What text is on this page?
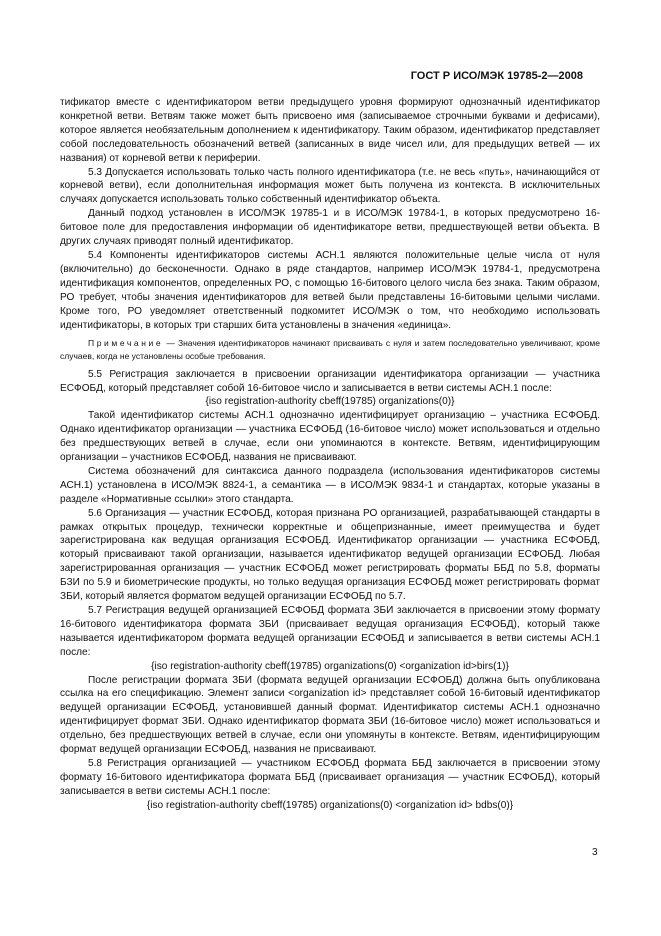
ГОСТ Р ИСО/МЭК 19785-2—2008

тификатор вместе с идентификатором ветви предыдущего уровня формируют однозначный идентификатор конкретной ветви. Ветвям также может быть присвоено имя (записываемое строчными буквами и дефисами), которое является необязательным дополнением к идентификатору. Таким образом, идентификатор представляет собой последовательность обозначений ветвей (записанных в виде чисел или, для предыдущих ветвей — их названия) от корневой ветви к периферии.

5.3 Допускается использовать только часть полного идентификатора (т.е. не весь «путь», начинающийся от корневой ветви), если дополнительная информация может быть получена из контекста. В исключительных случаях допускается использовать только собственный идентификатор объекта.

Данный подход установлен в ИСО/МЭК 19785-1 и в ИСО/МЭК 19784-1, в которых предусмотрено 16-битовое поле для предоставления информации об идентификаторе ветви, предшествующей ветви объекта. В других случаях приводят полный идентификатор.

5.4 Компоненты идентификаторов системы АСН.1 являются положительные целые числа от нуля (включительно) до бесконечности. Однако в ряде стандартов, например ИСО/МЭК 19784-1, предусмотрена идентификация компонентов, определенных РО, с помощью 16-битового целого числа без знака. Таким образом, РО требует, чтобы значения идентификаторов для ветвей были представлены 16-битовыми целыми числами. Кроме того, РО уведомляет ответственный подкомитет ИСО/МЭК о том, что необходимо использовать идентификаторы, в которых три старших бита установлены в значения «единица».

Примечание — Значения идентификаторов начинают присваивать с нуля и затем последовательно увеличивают, кроме случаев, когда не установлены особые требования.

5.5 Регистрация заключается в присвоении организации идентификатора организации — участника ЕСФОБД, который представляет собой 16-битовое число и записывается в ветви системы АСН.1 после:

{iso registration-authority cbeff(19785) organizations(0)}

Такой идентификатор системы АСН.1 однозначно идентифицирует организацию – участника ЕСФОБД. Однако идентификатор организации — участника ЕСФОБД (16-битовое число) может использоваться и отдельно без предшествующих ветвей в случае, если они упоминаются в контексте. Ветвям, идентифицирующим организации – участников ЕСФОБД, названия не присваивают.

Система обозначений для синтаксиса данного подраздела (использования идентификаторов системы АСН.1) установлена в ИСО/МЭК 8824-1, а семантика — в ИСО/МЭК 9834-1 и стандартах, которые указаны в разделе «Нормативные ссылки» этого стандарта.

5.6 Организация — участник ЕСФОБД, которая признана РО организацией, разрабатывающей стандарты в рамках открытых процедур, технически корректные и общепризнанные, имеет преимущества и будет зарегистрирована как ведущая организация ЕСФОБД. Идентификатор организации — участника ЕСФОБД, который присваивают такой организации, называется идентификатор ведущей организации ЕСФОБД. Любая зарегистрированная организация — участник ЕСФОБД может регистрировать форматы ББД по 5.8, форматы БЗИ по 5.9 и биометрические продукты, но только ведущая организация ЕСФОБД может регистрировать формат ЗБИ, который является форматом ведущей организации ЕСФОБД по 5.7.

5.7 Регистрация ведущей организацией ЕСФОБД формата ЗБИ заключается в присвоении этому формату 16-битового идентификатора формата ЗБИ (присваивает ведущая организация ЕСФОБД), который также называется идентификатором формата ведущей организации ЕСФОБД и записывается в ветви системы АСН.1 после:

{iso registration-authority cbeff(19785) organizations(0) <organization id>birs(1)}

После регистрации формата ЗБИ (формата ведущей организации ЕСФОБД) должна быть опубликована ссылка на его спецификацию. Элемент записи <organization id> представляет собой 16-битовый идентификатор ведущей организации ЕСФОБД, установившей данный формат. Идентификатор системы АСН.1 однозначно идентифицирует формат ЗБИ. Однако идентификатор формата ЗБИ (16-битовое число) может использоваться и отдельно, без предшествующих ветвей в случае, если они упомянуты в контексте. Ветвям, идентифицирующим формат ведущей организации ЕСФОБД, названия не присваивают.

5.8 Регистрация организацией — участником ЕСФОБД формата ББД заключается в присвоении этому формату 16-битового идентификатора формата ББД (присваивает организация — участник ЕСФОБД), который записывается в ветви системы АСН.1 после:

{iso registration-authority cbeff(19785) organizations(0) <organization id> bdbs(0)}

3
